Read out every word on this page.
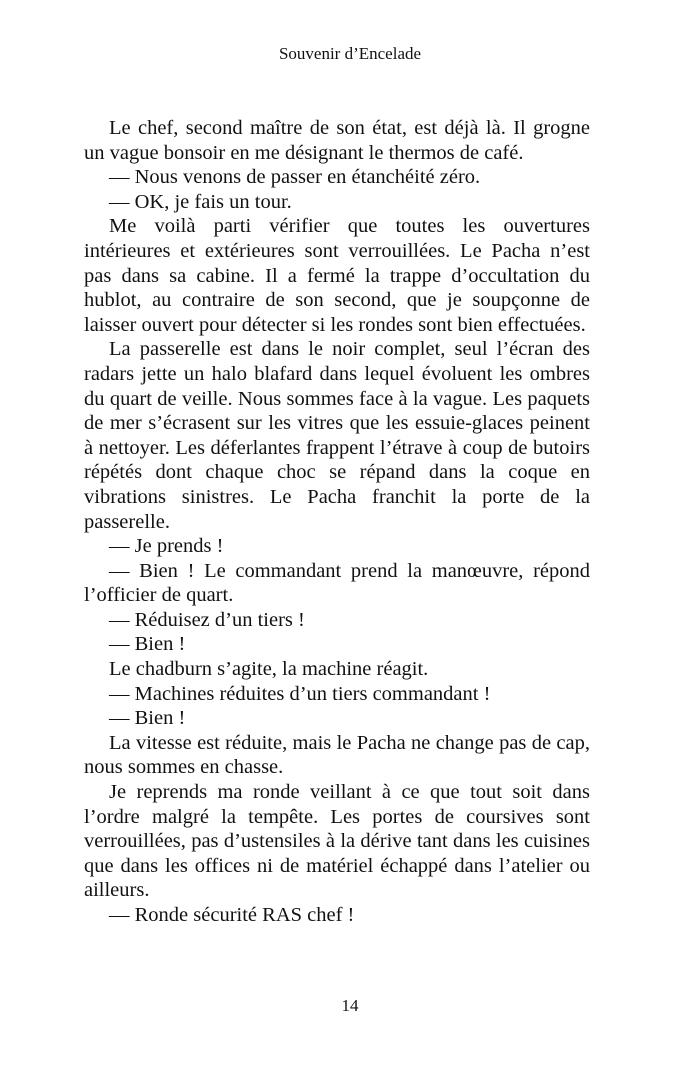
Souvenir d’Encelade

Le chef, second maître de son état, est déjà là. Il grogne un vague bonsoir en me désignant le thermos de café.

— Nous venons de passer en étanchéité zéro.

— OK, je fais un tour.

Me voilà parti vérifier que toutes les ouvertures intérieures et extérieures sont verrouillées. Le Pacha n’est pas dans sa cabine. Il a fermé la trappe d’occultation du hublot, au contraire de son second, que je soupçonne de laisser ouvert pour détecter si les rondes sont bien effectuées.

La passerelle est dans le noir complet, seul l’écran des radars jette un halo blafard dans lequel évoluent les ombres du quart de veille. Nous sommes face à la vague. Les paquets de mer s’écrasent sur les vitres que les essuie-glaces peinent à nettoyer. Les déferlantes frappent l’étrave à coup de butoirs répétés dont chaque choc se répand dans la coque en vibrations sinistres. Le Pacha franchit la porte de la passerelle.

— Je prends !

— Bien ! Le commandant prend la manœuvre, répond l’officier de quart.

— Réduisez d’un tiers !

— Bien !

Le chadburn s’agite, la machine réagit.

— Machines réduites d’un tiers commandant !

— Bien !

La vitesse est réduite, mais le Pacha ne change pas de cap, nous sommes en chasse.

Je reprends ma ronde veillant à ce que tout soit dans l’ordre malgré la tempête. Les portes de coursives sont verrouillées, pas d’ustensiles à la dérive tant dans les cuisines que dans les offices ni de matériel échappé dans l’atelier ou ailleurs.

— Ronde sécurité RAS chef !

14
